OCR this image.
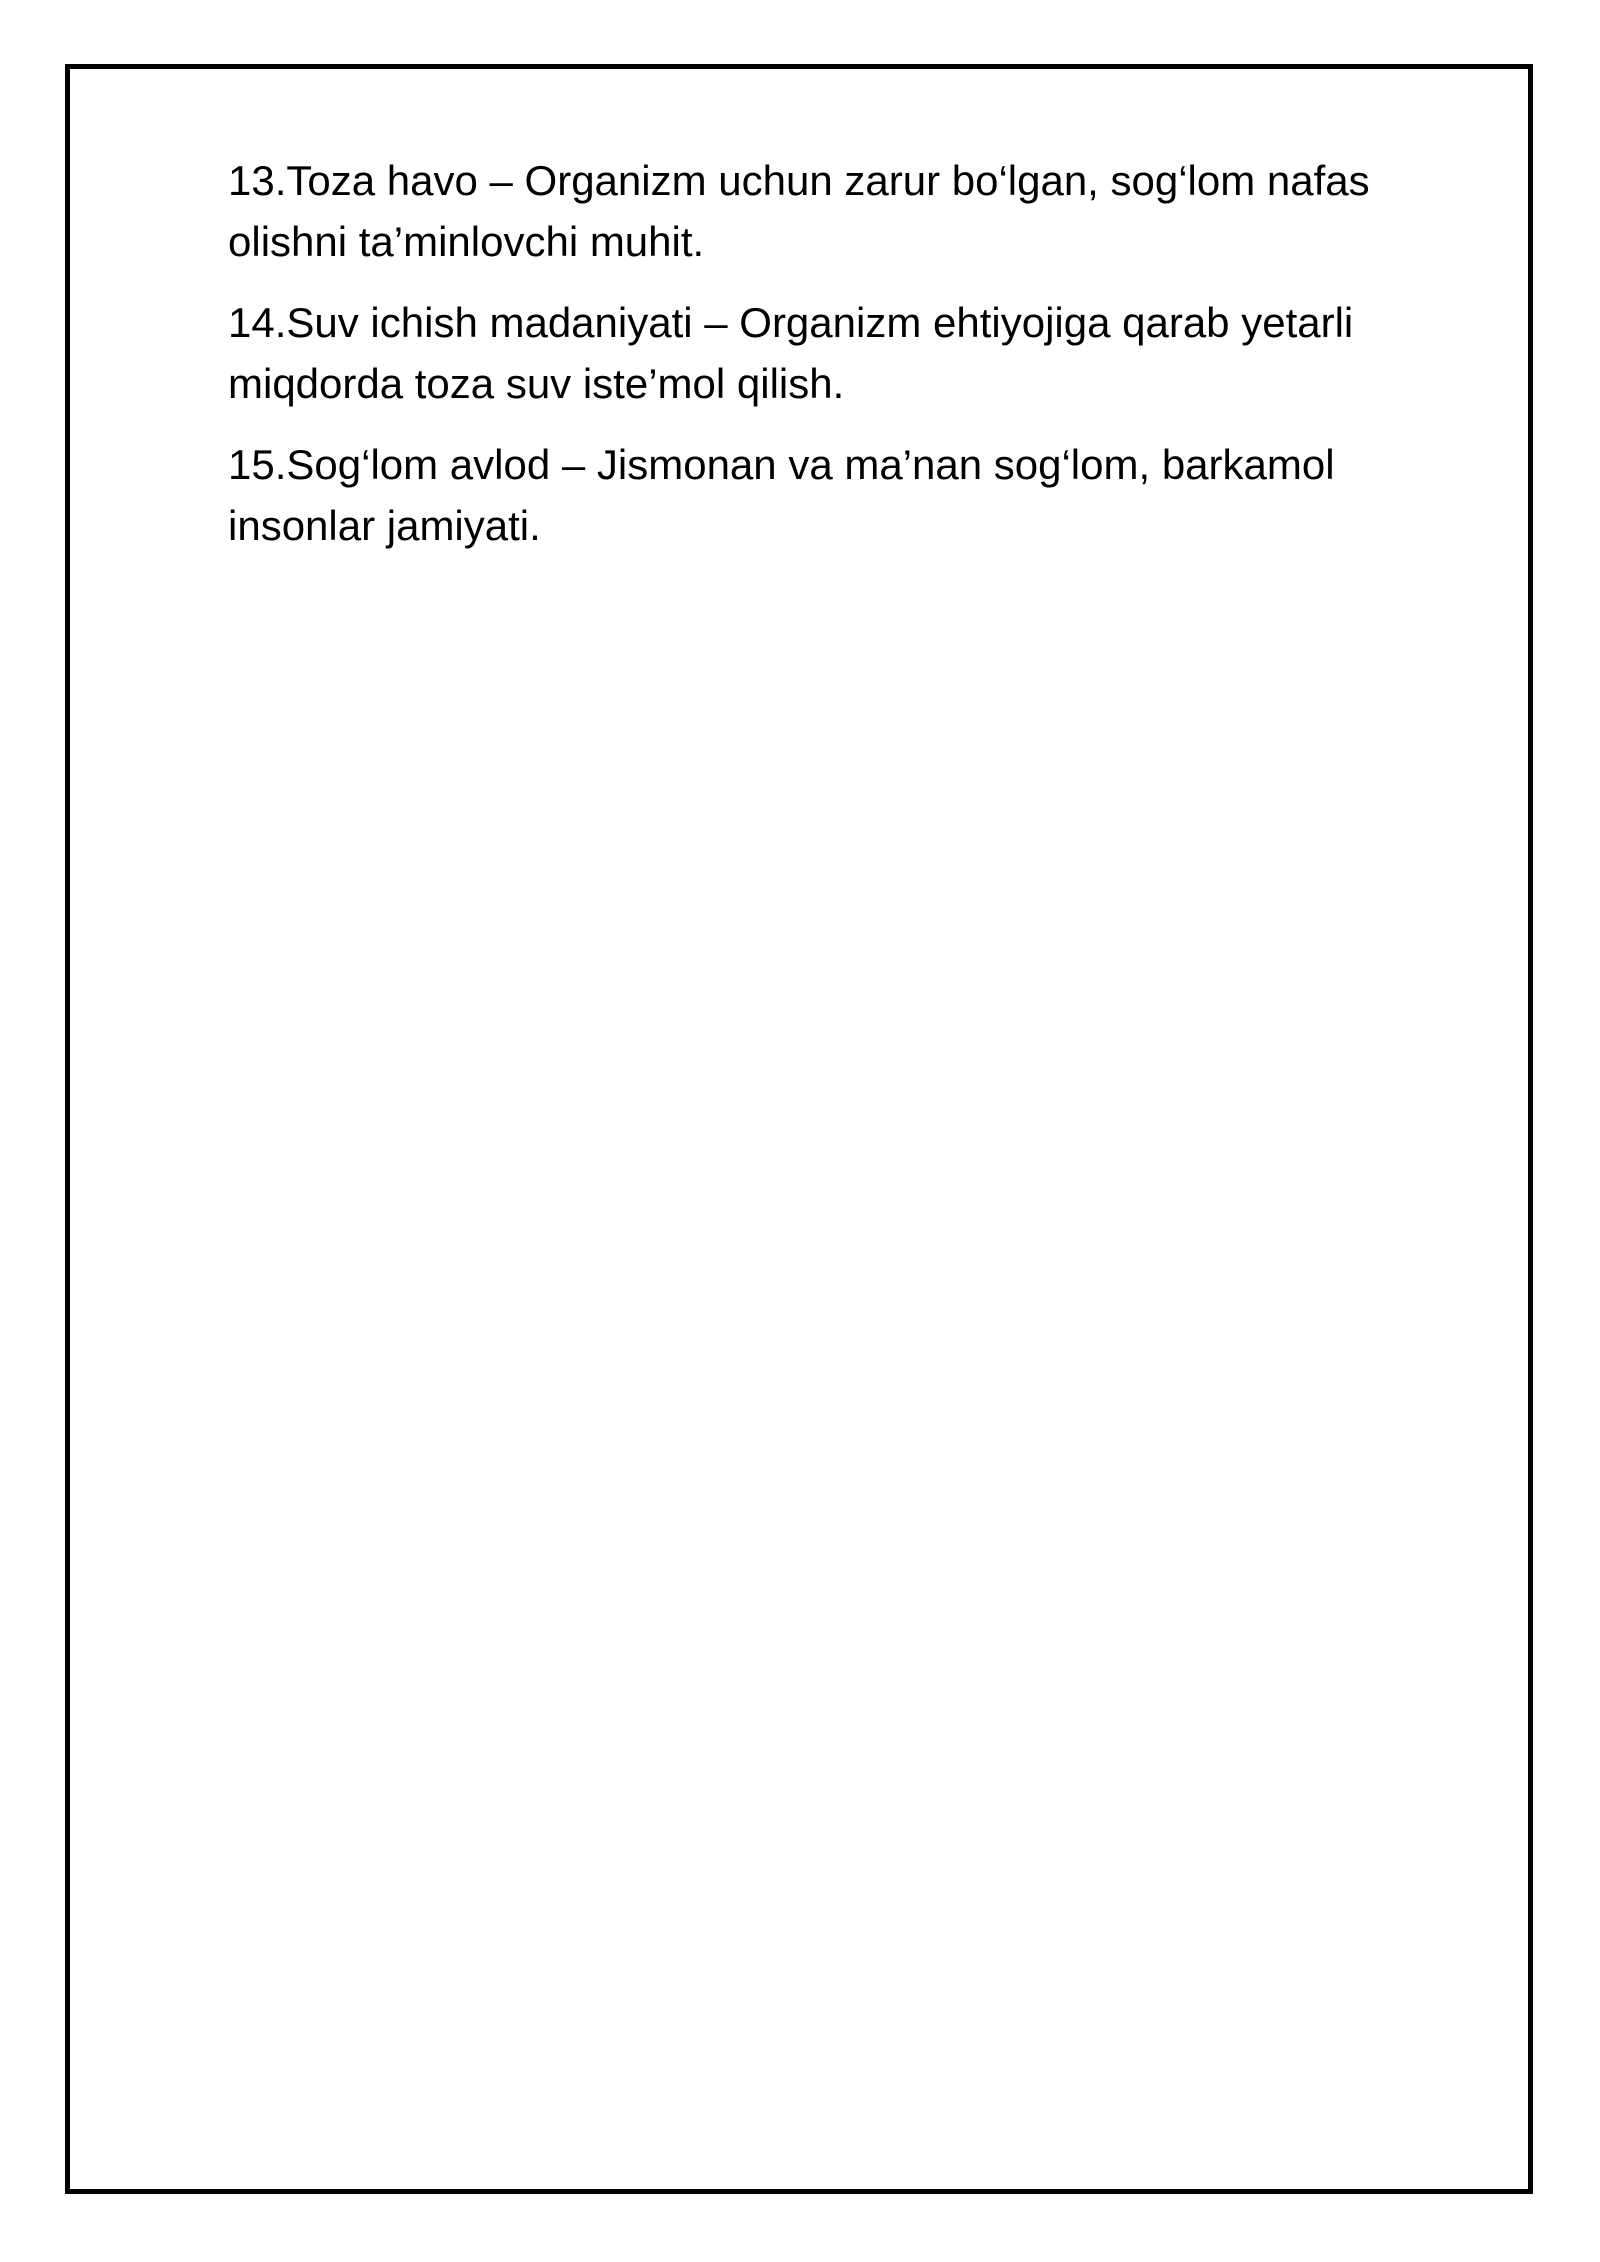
13.Toza havo – Organizm uchun zarur bo‘lgan, sog‘lom nafas olishni ta’minlovchi muhit.

14.Suv ichish madaniyati – Organizm ehtiyojiga qarab yetarli miqdorda toza suv iste’mol qilish.

15.Sog‘lom avlod – Jismonan va ma’nan sog‘lom, barkamol insonlar jamiyati.
